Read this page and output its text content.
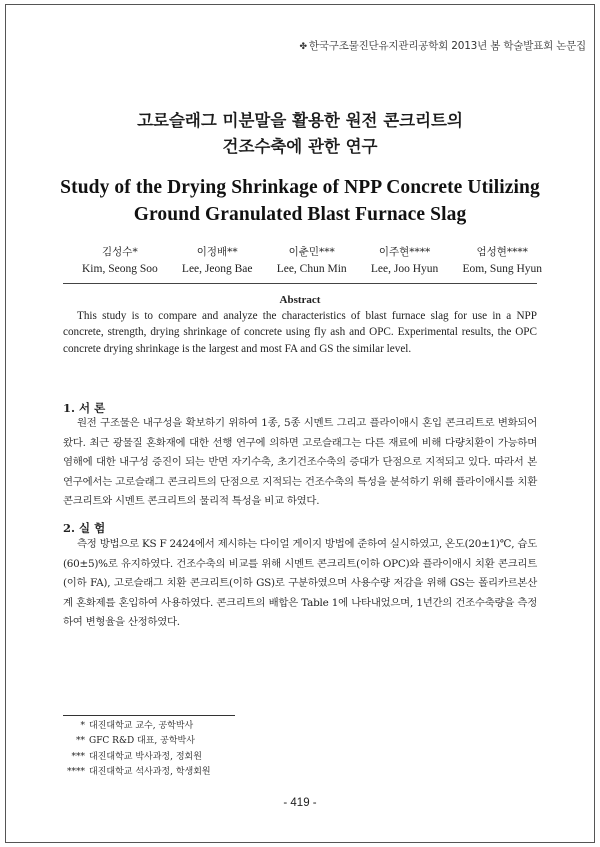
✤ 한국구조물진단유지관리공학회 2013년 봄 학술발표회 논문집
고로슬래그 미분말을 활용한 원전 콘크리트의
건조수축에 관한 연구
Study of the Drying Shrinkage of NPP Concrete Utilizing
Ground Granulated Blast Furnace Slag
김성수*
Kim, Seong Soo
이정배**
Lee, Jeong Bae
이춘민***
Lee, Chun Min
이주현****
Lee, Joo Hyun
엄성현****
Eom, Sung Hyun
Abstract

This study is to compare and analyze the characteristics of blast furnace slag for use in a NPP concrete, strength, drying shrinkage of concrete using fly ash and OPC. Experimental results, the OPC concrete drying shrinkage is the largest and most FA and GS the similar level.

1. 서 론

원전 구조물은 내구성을 확보하기 위하여 1종, 5종 시멘트 그리고 플라이애시 혼입 콘크리트로 변화되어 왔다. 최근 광물질 혼화재에 대한 선행 연구에 의하면 고로슬래그는 다른 재료에 비해 다량치환이 가능하며 염해에 대한 내구성 증진이 되는 반면 자기수축, 초기건조수축의 증대가 단점으로 지적되고 있다. 따라서 본 연구에서는 고로슬래그 콘크리트의 단점으로 지적되는 건조수축의 특성을 분석하기 위해 플라이애시를 치환 콘크리트와 시멘트 콘크리트의 물리적 특성을 비교 하였다.

2. 실 험

측정 방법으로 KS F 2424에서 제시하는 다이얼 게이지 방법에 준하여 실시하였고, 온도(20±1)℃, 습도(60±5)%로 유지하였다. 건조수축의 비교를 위해 시멘트 콘크리트(이하 OPC)와 플라이애시 치환 콘크리트(이하 FA), 고로슬래그 치환 콘크리트(이하 GS)로 구분하였으며 사용수량 저감을 위해 GS는 폴리카르본산계 혼화제를 혼입하여 사용하였다. 콘크리트의 배합은 Table 1에 나타내었으며, 1년간의 건조수축량을 측정하여 변형율을 산정하였다.

* 대진대학교 교수, 공학박사
** GFC R&D 대표, 공학박사
*** 대진대학교 박사과정, 정회원
**** 대진대학교 석사과정, 학생회원
- 419 -
